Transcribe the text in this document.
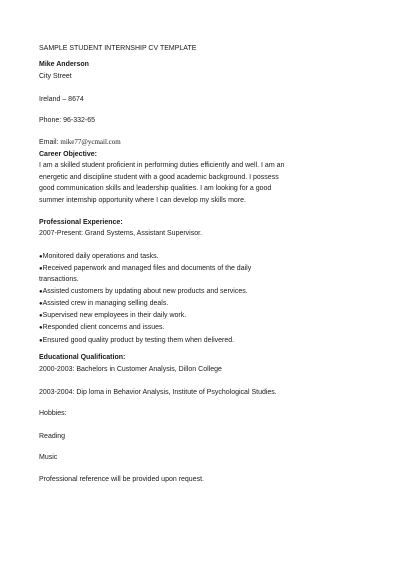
SAMPLE STUDENT INTERNSHIP CV TEMPLATE
Mike Anderson
City Street
Ireland – 8674
Phone: 96-332-65
Email: mike77@ycmail.com
Career Objective:
I am a skilled student proficient in performing duties efficiently and well. I am an
energetic and discipline student with a good academic background. I possess
good communication skills and leadership qualities. I am looking for a good
summer internship opportunity where I can develop my skills more.
Professional Experience:
2007-Present: Grand Systems, Assistant Supervisor.
● Monitored daily operations and tasks.
● Received paperwork and managed files and documents of the daily
transactions.
● Assisted customers by updating about new products and services.
● Assisted crew in managing selling deals.
● Supervised new employees in their daily work.
● Responded client concerns and issues.
● Ensured good quality product by testing them when delivered.
Educational Qualification:
2000-2003: Bachelors in Customer Analysis, Dillon College
2003-2004: Dip loma in Behavior Analysis, Institute of Psychological Studies.
Hobbies:
Reading
Music
Professional reference will be provided upon request.
